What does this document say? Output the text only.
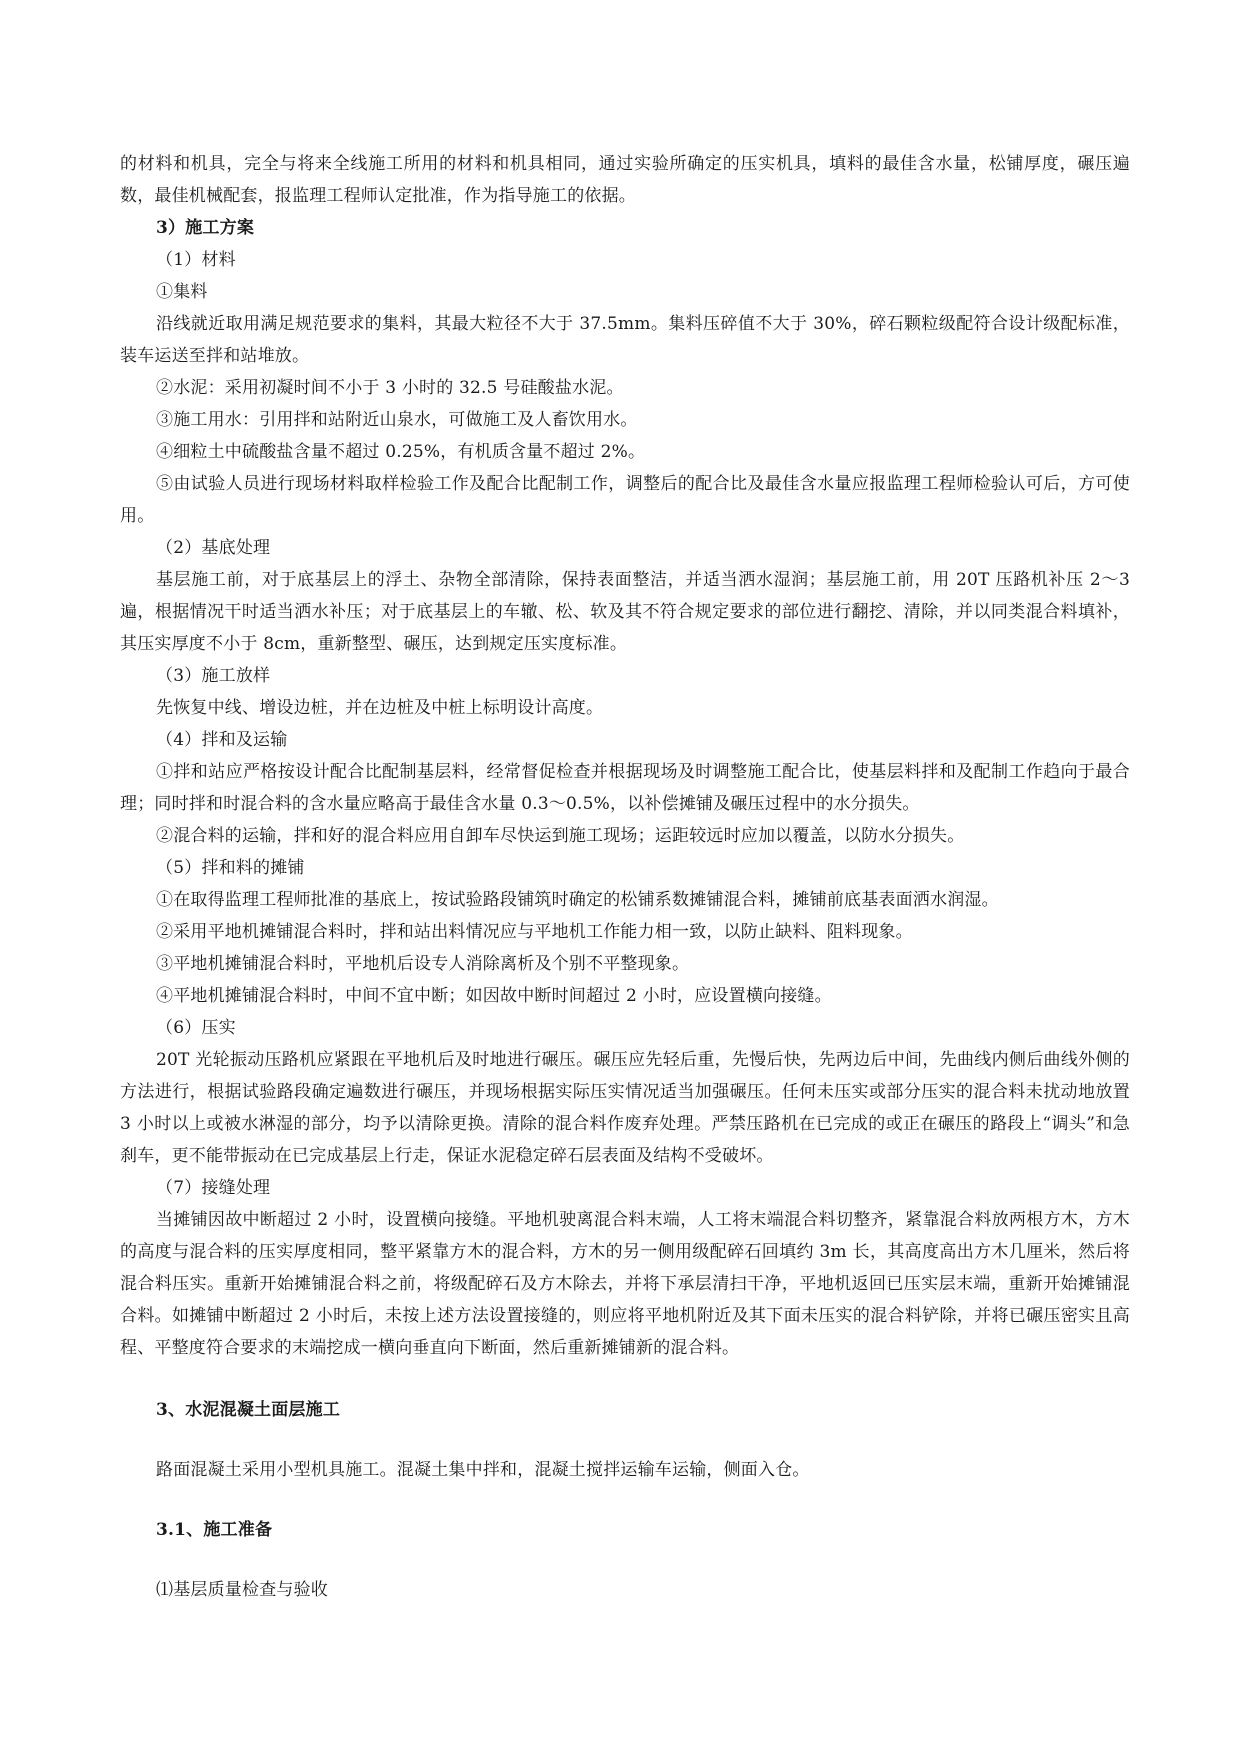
的材料和机具，完全与将来全线施工所用的材料和机具相同，通过实验所确定的压实机具，填料的最佳含水量，松铺厚度，碾压遍数，最佳机械配套，报监理工程师认定批准，作为指导施工的依据。

3）施工方案

（1）材料

①集料

沿线就近取用满足规范要求的集料，其最大粒径不大于 37.5mm。集料压碎值不大于 30%，碎石颗粒级配符合设计级配标准，装车运送至拌和站堆放。

②水泥：采用初凝时间不小于 3 小时的 32.5 号硅酸盐水泥。

③施工用水：引用拌和站附近山泉水，可做施工及人畜饮用水。

④细粒土中硫酸盐含量不超过 0.25%，有机质含量不超过 2%。

⑤由试验人员进行现场材料取样检验工作及配合比配制工作，调整后的配合比及最佳含水量应报监理工程师检验认可后，方可使用。

（2）基底处理

基层施工前，对于底基层上的浮土、杂物全部清除，保持表面整洁，并适当洒水湿润；基层施工前，用 20T 压路机补压 2～3 遍，根据情况干时适当洒水补压；对于底基层上的车辙、松、软及其不符合规定要求的部位进行翻挖、清除，并以同类混合料填补，其压实厚度不小于 8cm，重新整型、碾压，达到规定压实度标准。

（3）施工放样

先恢复中线、增设边桩，并在边桩及中桩上标明设计高度。

（4）拌和及运输

①拌和站应严格按设计配合比配制基层料，经常督促检查并根据现场及时调整施工配合比，使基层料拌和及配制工作趋向于最合理；同时拌和时混合料的含水量应略高于最佳含水量 0.3～0.5%，以补偿摊铺及碾压过程中的水分损失。

②混合料的运输，拌和好的混合料应用自卸车尽快运到施工现场；运距较远时应加以覆盖，以防水分损失。

（5）拌和料的摊铺

①在取得监理工程师批准的基底上，按试验路段铺筑时确定的松铺系数摊铺混合料，摊铺前底基表面洒水润湿。

②采用平地机摊铺混合料时，拌和站出料情况应与平地机工作能力相一致，以防止缺料、阻料现象。

③平地机摊铺混合料时，平地机后设专人消除离析及个别不平整现象。

④平地机摊铺混合料时，中间不宜中断；如因故中断时间超过 2 小时，应设置横向接缝。

（6）压实

20T 光轮振动压路机应紧跟在平地机后及时地进行碾压。碾压应先轻后重，先慢后快，先两边后中间，先曲线内侧后曲线外侧的方法进行，根据试验路段确定遍数进行碾压，并现场根据实际压实情况适当加强碾压。任何未压实或部分压实的混合料未扰动地放置 3 小时以上或被水淋湿的部分，均予以清除更换。清除的混合料作废弃处理。严禁压路机在已完成的或正在碾压的路段上“调头”和急刹车，更不能带振动在已完成基层上行走，保证水泥稳定碎石层表面及结构不受破坏。

（7）接缝处理

当摊铺因故中断超过 2 小时，设置横向接缝。平地机驶离混合料末端，人工将末端混合料切整齐，紧靠混合料放两根方木，方木的高度与混合料的压实厚度相同，整平紧靠方木的混合料，方木的另一侧用级配碎石回填约 3m 长，其高度高出方木几厘米，然后将混合料压实。重新开始摊铺混合料之前，将级配碎石及方木除去，并将下承层清扫干净，平地机返回已压实层末端，重新开始摊铺混合料。如摊铺中断超过 2 小时后，未按上述方法设置接缝的，则应将平地机附近及其下面未压实的混合料铲除，并将已碾压密实且高程、平整度符合要求的末端挖成一横向垂直向下断面，然后重新摊铺新的混合料。

3、水泥混凝土面层施工

路面混凝土采用小型机具施工。混凝土集中拌和，混凝土搅拌运输车运输，侧面入仓。

3.1、施工准备

⑴基层质量检查与验收
